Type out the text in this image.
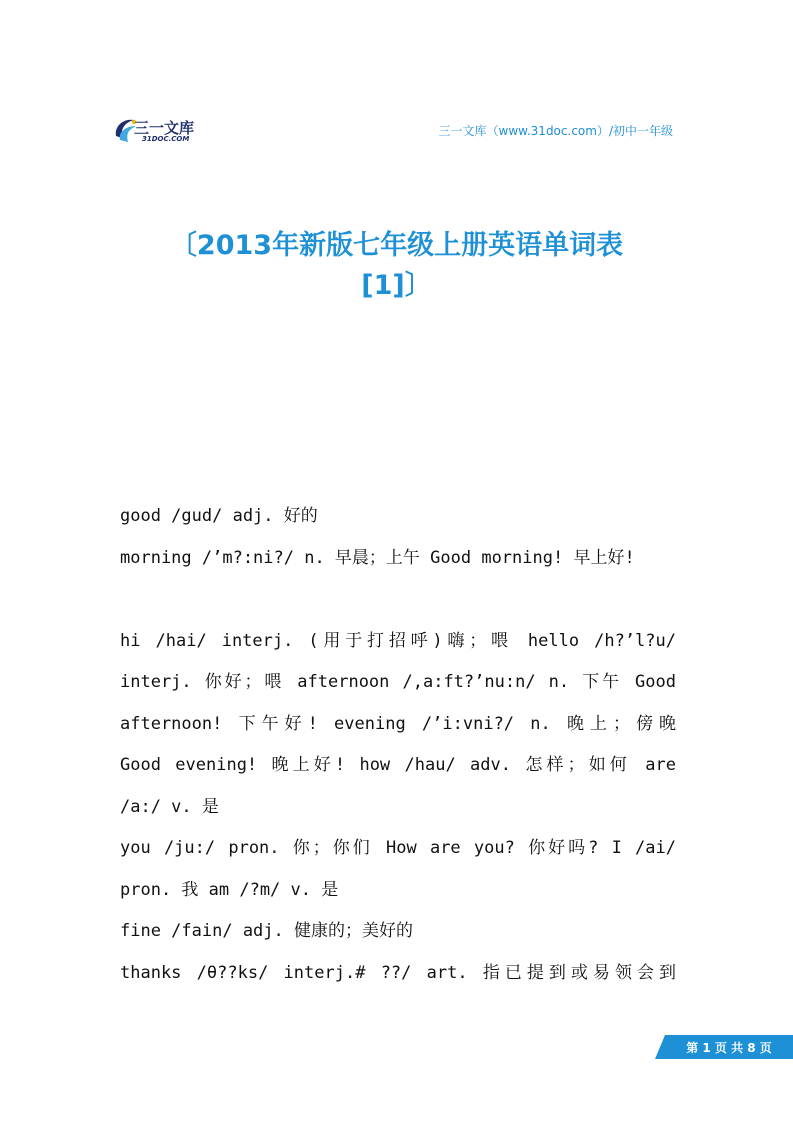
三一文库
31DOC.COM
三一文库（www.31doc.com）/初中一年级
〔2013年新版七年级上册英语单词表
[1]〕
good /gud/ adj. 好的
morning /’m?:ni?/ n. 早晨；上午 Good morning! 早上好!
hi /hai/ interj. (用于打招呼)嗨；喂 hello /h?’l?u/
interj. 你好；喂 afternoon /,a:ft?’nu:n/ n. 下午 Good
afternoon! 下午好! evening /’i:vni?/ n. 晚上；傍晚
Good evening! 晚上好! how /hau/ adv. 怎样；如何 are
/a:/ v. 是
you /ju:/ pron. 你；你们 How are you? 你好吗? I /ai/
pron. 我 am /?m/ v. 是
fine /fain/ adj. 健康的；美好的
thanks /θ??ks/ interj.# ??/ art. 指已提到或易领会到
第 1 页 共 8 页
